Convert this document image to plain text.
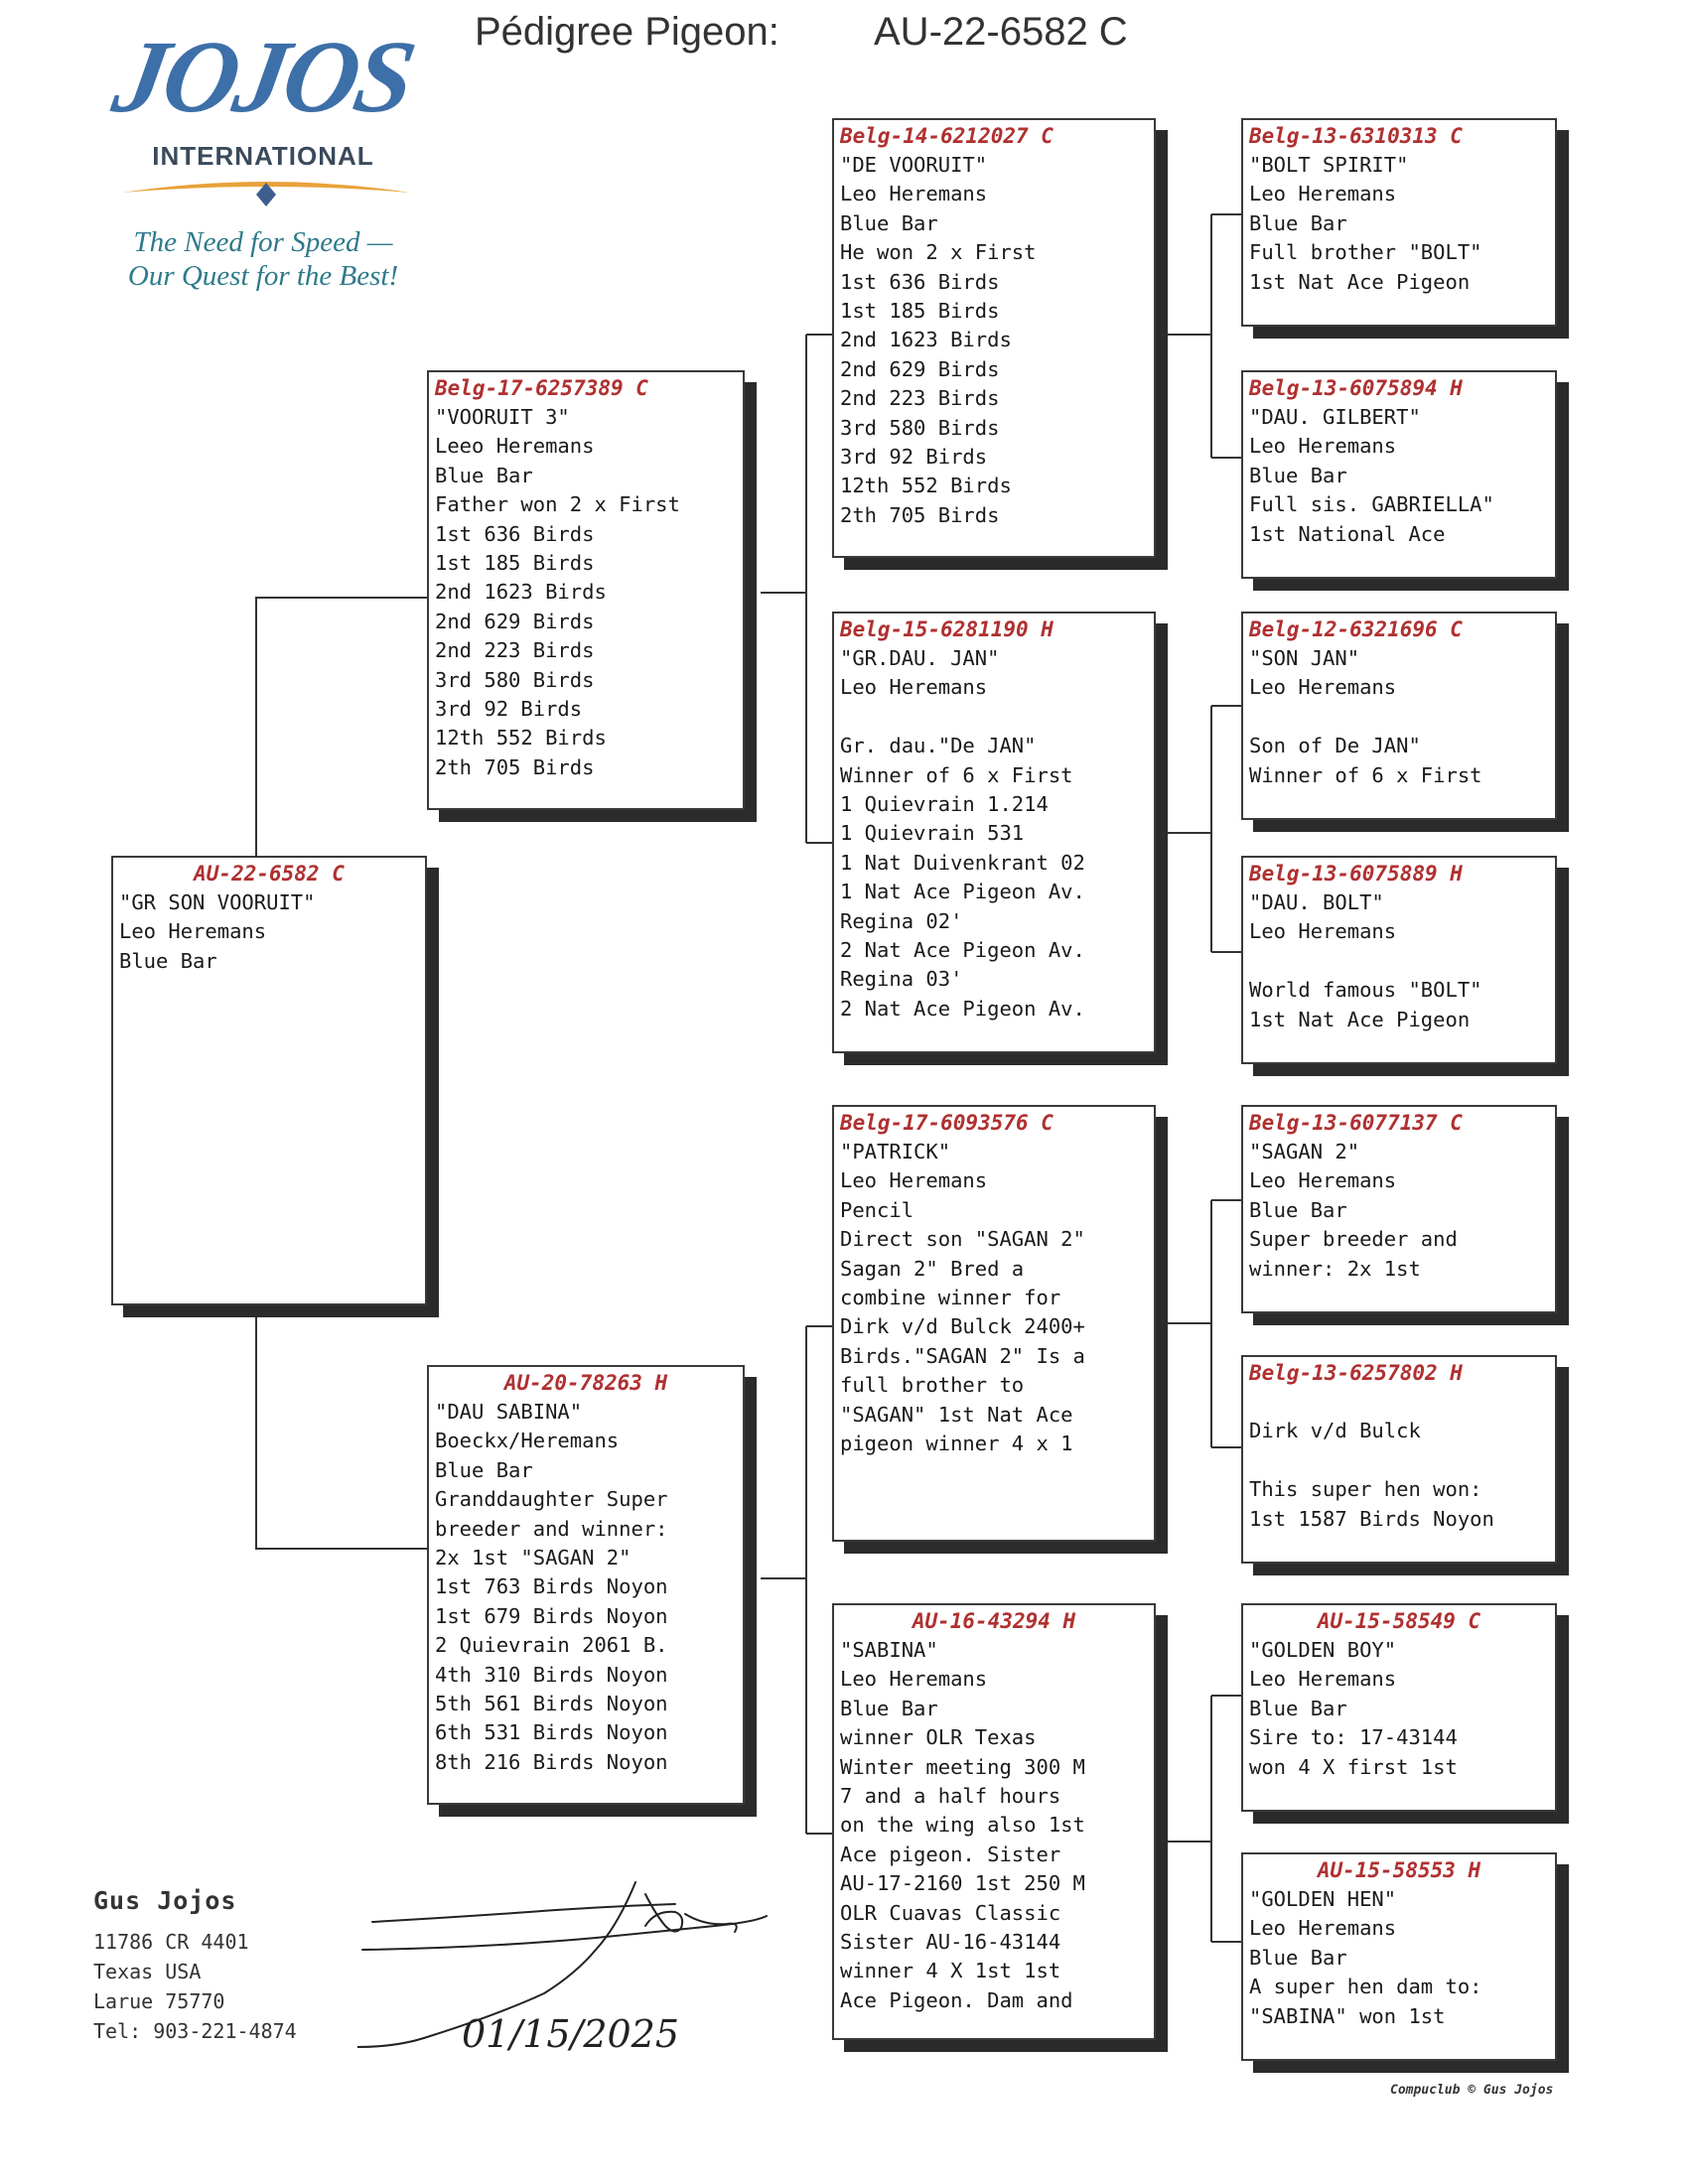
JOJOS
INTERNATIONAL
The Need for Speed —
Our Quest for the Best!
Pédigree Pigeon: AU-22-6582 C
AU-22-6582 C
"GR SON VOORUIT"
Leo Heremans
Blue Bar
Belg-17-6257389 C
"VOORUIT 3"
Leeo Heremans
Blue Bar
Father won 2 x First
1st 636 Birds
1st 185 Birds
2nd 1623 Birds
2nd 629 Birds
2nd 223 Birds
3rd 580 Birds
3rd 92 Birds
12th 552 Birds
2th 705 Birds
AU-20-78263 H
"DAU SABINA"
Boeckx/Heremans
Blue Bar
Granddaughter Super
breeder and winner:
2x 1st "SAGAN 2"
1st 763 Birds Noyon
1st 679 Birds Noyon
2 Quievrain 2061 B.
4th 310 Birds Noyon
5th 561 Birds Noyon
6th 531 Birds Noyon
8th 216 Birds Noyon
Belg-14-6212027 C
"DE VOORUIT"
Leo Heremans
Blue Bar
He won 2 x First
1st 636 Birds
1st 185 Birds
2nd 1623 Birds
2nd 629 Birds
2nd 223 Birds
3rd 580 Birds
3rd 92 Birds
12th 552 Birds
2th 705 Birds
Belg-15-6281190 H
"GR.DAU. JAN"
Leo Heremans
Gr. dau."De JAN"
Winner of 6 x First
1 Quievrain 1.214
1 Quievrain 531
1 Nat Duivenkrant 02
1 Nat Ace Pigeon Av.
Regina 02'
2 Nat Ace Pigeon Av.
Regina 03'
2 Nat Ace Pigeon Av.
Belg-17-6093576 C
"PATRICK"
Leo Heremans
Pencil
Direct son "SAGAN 2"
Sagan 2" Bred a
combine winner for
Dirk v/d Bulck 2400+
Birds."SAGAN 2" Is a
full brother to
"SAGAN" 1st Nat Ace
pigeon winner 4 x 1
AU-16-43294 H
"SABINA"
Leo Heremans
Blue Bar
winner OLR Texas
Winter meeting 300 M
7 and a half hours
on the wing also 1st
Ace pigeon. Sister
AU-17-2160 1st 250 M
OLR Cuavas Classic
Sister AU-16-43144
winner 4 X 1st 1st
Ace Pigeon. Dam and
Belg-13-6310313 C
"BOLT SPIRIT"
Leo Heremans
Blue Bar
Full brother "BOLT"
1st Nat Ace Pigeon
Belg-13-6075894 H
"DAU. GILBERT"
Leo Heremans
Blue Bar
Full sis. GABRIELLA"
1st National Ace
Belg-12-6321696 C
"SON JAN"
Leo Heremans
Son of De JAN"
Winner of 6 x First
Belg-13-6075889 H
"DAU. BOLT"
Leo Heremans
World famous "BOLT"
1st Nat Ace Pigeon
Belg-13-6077137 C
"SAGAN 2"
Leo Heremans
Blue Bar
Super breeder and
winner: 2x 1st
Belg-13-6257802 H
Dirk v/d Bulck
This super hen won:
1st 1587 Birds Noyon
AU-15-58549 C
"GOLDEN BOY"
Leo Heremans
Blue Bar
Sire to: 17-43144
won 4 X first 1st
AU-15-58553 H
"GOLDEN HEN"
Leo Heremans
Blue Bar
A super hen dam to:
"SABINA" won 1st
Gus Jojos
11786 CR 4401
Texas USA
Larue 75770
Tel: 903-221-4874	01/15/2025
Compuclub © Gus Jojos
